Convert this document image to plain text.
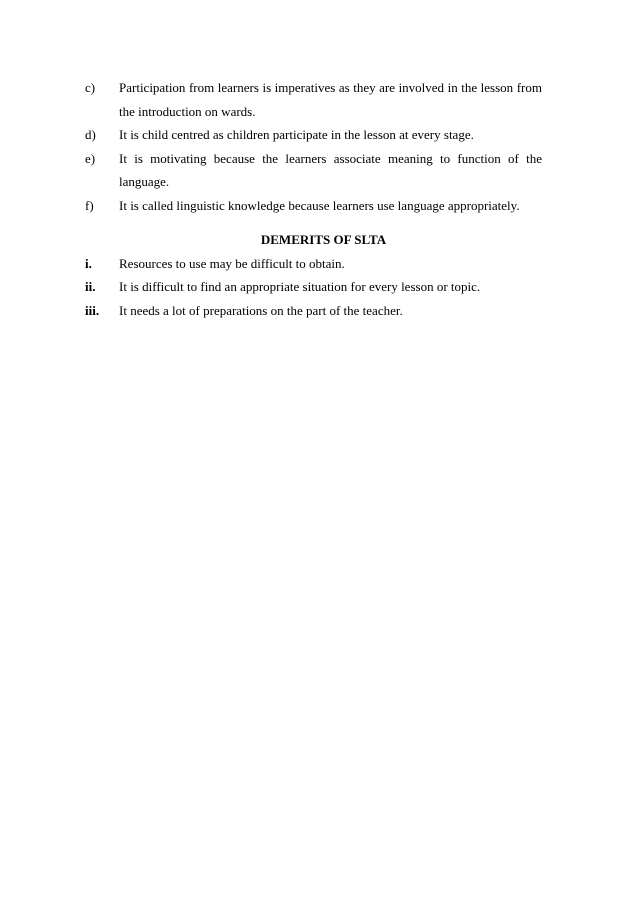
c)	Participation from learners is imperatives as they are involved in the lesson from the introduction on wards.
d)	It is child centred as children participate in the lesson at every stage.
e)	It is motivating because the learners associate meaning to function of the language.
f)	It is called linguistic knowledge because learners use language appropriately.
DEMERITS OF SLTA
i.	Resources to use may be difficult to obtain.
ii.	It is difficult to find an appropriate situation for every lesson or topic.
iii.	It needs a lot of preparations on the part of the teacher.
